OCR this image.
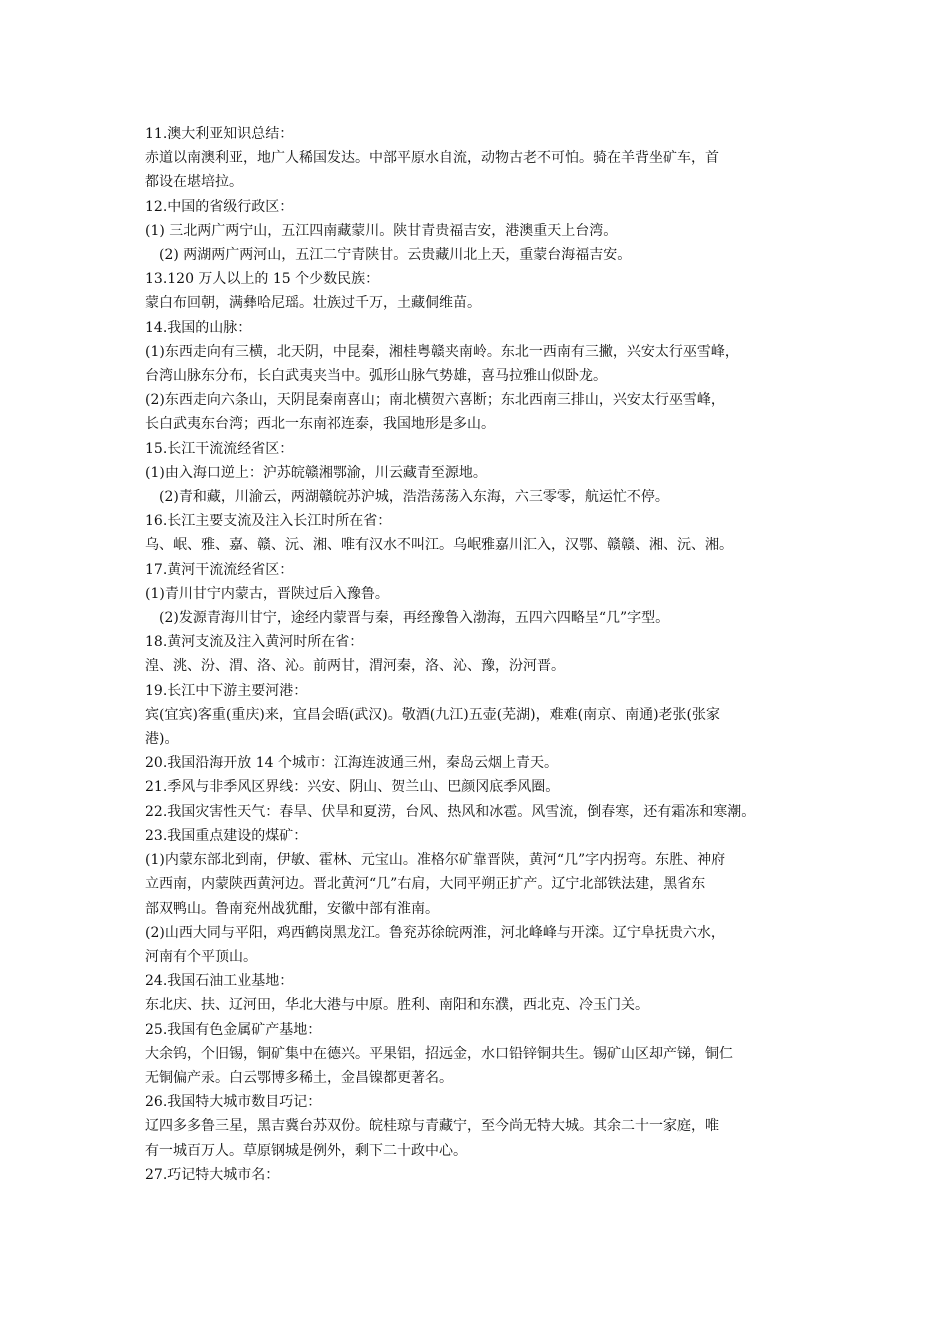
11.澳大利亚知识总结：
赤道以南澳利亚，地广人稀国发达。中部平原水自流，动物古老不可怕。骑在羊背坐矿车，首
都设在堪培拉。
12.中国的省级行政区：
(1) 三北两广两宁山，五江四南藏蒙川。陕甘青贵福吉安，港澳重天上台湾。
(2) 两湖两广两河山，五江二宁青陕甘。云贵藏川北上天，重蒙台海福吉安。
13.120 万人以上的 15 个少数民族：
蒙白布回朝，满彝哈尼瑶。壮族过千万，土藏侗维苗。
14.我国的山脉：
(1)东西走向有三横，北天阴，中昆秦，湘桂粤赣夹南岭。东北一西南有三撇，兴安太行巫雪峰，
台湾山脉东分布，长白武夷夹当中。弧形山脉气势雄，喜马拉雅山似卧龙。
(2)东西走向六条山，天阴昆秦南喜山；南北横贺六喜断；东北西南三排山，兴安太行巫雪峰，
长白武夷东台湾；西北一东南祁连泰，我国地形是多山。
15.长江干流流经省区：
(1)由入海口逆上：沪苏皖赣湘鄂渝，川云藏青至源地。
(2)青和藏，川渝云，两湖赣皖苏沪城，浩浩荡荡入东海，六三零零，航运忙不停。
16.长江主要支流及注入长江时所在省：
乌、岷、雅、嘉、赣、沅、湘、唯有汉水不叫江。乌岷雅嘉川汇入，汉鄂、赣赣、湘、沅、湘。
17.黄河干流流经省区：
(1)青川甘宁内蒙古，晋陕过后入豫鲁。
(2)发源青海川甘宁，途经内蒙晋与秦，再经豫鲁入渤海，五四六四略呈“几”字型。
18.黄河支流及注入黄河时所在省：
湟、洮、汾、渭、洛、沁。前两甘，渭河秦，洛、沁、豫，汾河晋。
19.长江中下游主要河港：
宾(宜宾)客重(重庆)来，宜昌会晤(武汉)。敬酒(九江)五壶(芜湖)，难难(南京、南通)老张(张家
港)。
20.我国沿海开放 14 个城市：江海连波通三州，秦岛云烟上青天。
21.季风与非季风区界线：兴安、阴山、贺兰山、巴颜冈底季风圈。
22.我国灾害性天气：春旱、伏旱和夏涝，台风、热风和冰雹。风雪流，倒春寒，还有霜冻和寒潮。
23.我国重点建设的煤矿：
(1)内蒙东部北到南，伊敏、霍林、元宝山。准格尔矿靠晋陕，黄河“几”字内拐弯。东胜、神府
立西南，内蒙陕西黄河边。晋北黄河“几”右肩，大同平朔正扩产。辽宁北部铁法建，黑省东
部双鸭山。鲁南兖州战犹酣，安徽中部有淮南。
(2)山西大同与平阳，鸡西鹤岗黑龙江。鲁兖苏徐皖两淮，河北峰峰与开滦。辽宁阜抚贵六水，
河南有个平顶山。
24.我国石油工业基地：
东北庆、扶、辽河田，华北大港与中原。胜利、南阳和东濮，西北克、冷玉门关。
25.我国有色金属矿产基地：
大余钨，个旧锡，铜矿集中在德兴。平果铝，招远金，水口铅锌铜共生。锡矿山区却产锑，铜仁
无铜偏产汞。白云鄂博多稀土，金昌镍都更著名。
26.我国特大城市数目巧记：
辽四多多鲁三星，黑吉冀台苏双份。皖桂琼与青藏宁，至今尚无特大城。其余二十一家庭，唯
有一城百万人。草原钢城是例外，剩下二十政中心。
27.巧记特大城市名：
